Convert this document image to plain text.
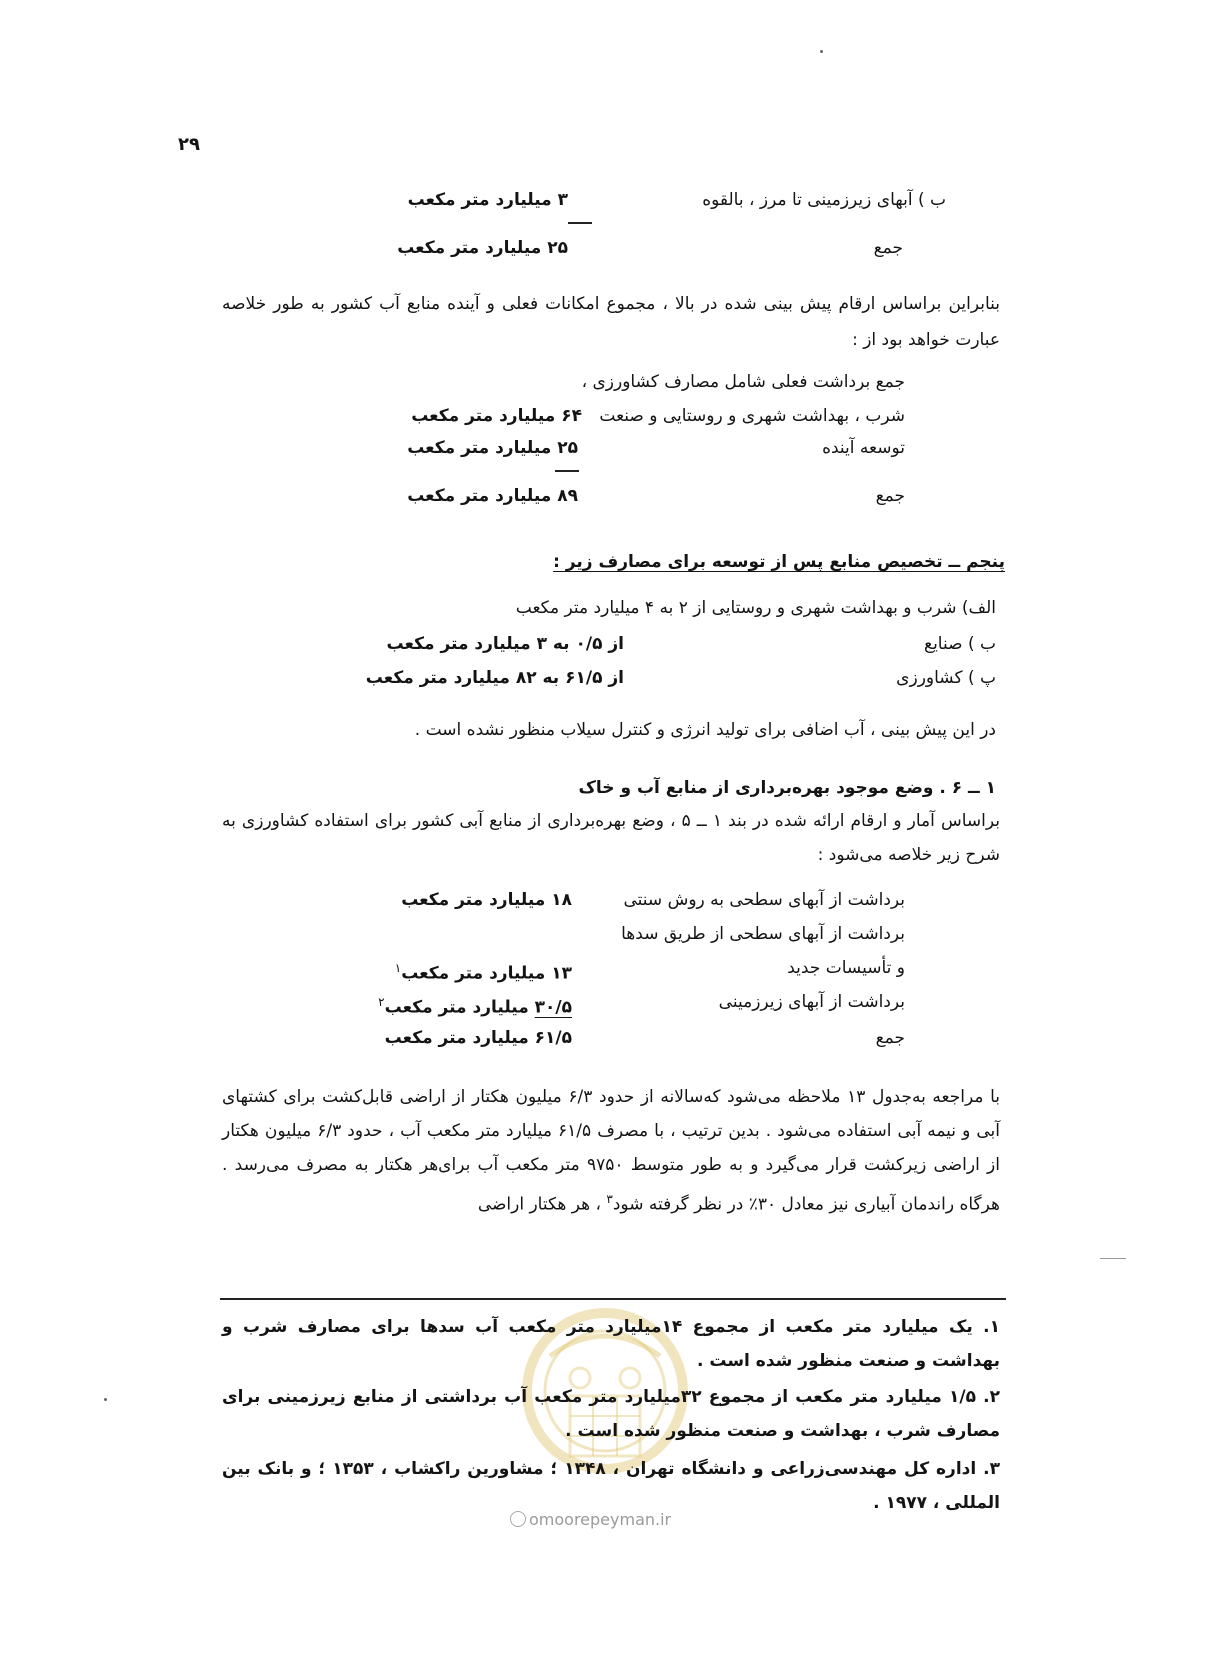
۲۹
ب ) آبهای زیرزمینی تا مرز ، بالقوه
۳ میلیارد متر مکعب
جمع
۲۵ میلیارد متر مکعب
بنابراین براساس ارقام پیش بینی شده در بالا ، مجموع امکانات فعلی و آینده منابع آب کشور به طور خلاصه عبارت خواهد بود از :
جمع برداشت فعلی شامل مصارف کشاورزی ،
شرب ، بهداشت شهری و روستایی و صنعت
۶۴ میلیارد متر مکعب
توسعه آینده
۲۵ میلیارد متر مکعب
جمع
۸۹ میلیارد متر مکعب
پنجم ــ تخصیص منابع پس از توسعه برای مصارف زیر :
الف) شرب و بهداشت شهری و روستایی از ۲ به ۴ میلیارد متر مکعب
ب ) صنایع
از ۰/۵ به ۳ میلیارد متر مکعب
پ ) کشاورزی
از ۶۱/۵ به ۸۲ میلیارد متر مکعب
در این پیش بینی ، آب اضافی برای تولید انرژی و کنترل سیلاب منظور نشده است .
۱ ــ ۶ . وضع موجود بهره‌برداری از منابع آب و خاک
براساس آمار و ارقام ارائه شده در بند ۱ ــ ۵ ، وضع بهره‌برداری از منابع آبی کشور برای استفاده کشاورزی به شرح زیر خلاصه می‌شود :
برداشت از آبهای سطحی به روش سنتی
۱۸ میلیارد متر مکعب
برداشت از آبهای سطحی از طریق سدها
و تأسیسات جدید
۱۳ میلیارد متر مکعب$^۱$
برداشت از آبهای زیرزمینی
۳۰/۵ میلیارد متر مکعب$^۲$
جمع
۶۱/۵ میلیارد متر مکعب
با مراجعه به‌جدول ۱۳ ملاحظه می‌شود که‌سالانه از حدود ۶/۳ میلیون هکتار از اراضی قابل‌کشت برای کشتهای آبی و نیمه آبی استفاده می‌شود . بدین ترتیب ، با مصرف ۶۱/۵ میلیارد متر مکعب آب ، حدود ۶/۳ میلیون هکتار از اراضی زیرکشت قرار می‌گیرد و به طور متوسط ۹۷۵۰ متر مکعب آب برای‌هر هکتار به مصرف می‌رسد . هرگاه راندمان آبیاری نیز معادل ۳۰٪ در نظر گرفته شود$^۳$ ، هر هکتار اراضی
omoorepeyman.ir
۱. یک میلیارد متر مکعب از مجموع ۱۴میلیارد متر مکعب آب سدها برای مصارف شرب و بهداشت و صنعت منظور شده است .
۲. ۱/۵ میلیارد متر مکعب از مجموع ۳۲میلیارد متر مکعب آب برداشتی از منابع زیرزمینی برای مصارف شرب ، بهداشت و صنعت منظور شده است .
۳. اداره کل مهندسی‌زراعی و دانشگاه تهران ، ۱۳۴۸ ؛ مشاورین راکشاب ، ۱۳۵۳ ؛ و بانک بین المللی ، ۱۹۷۷ .
